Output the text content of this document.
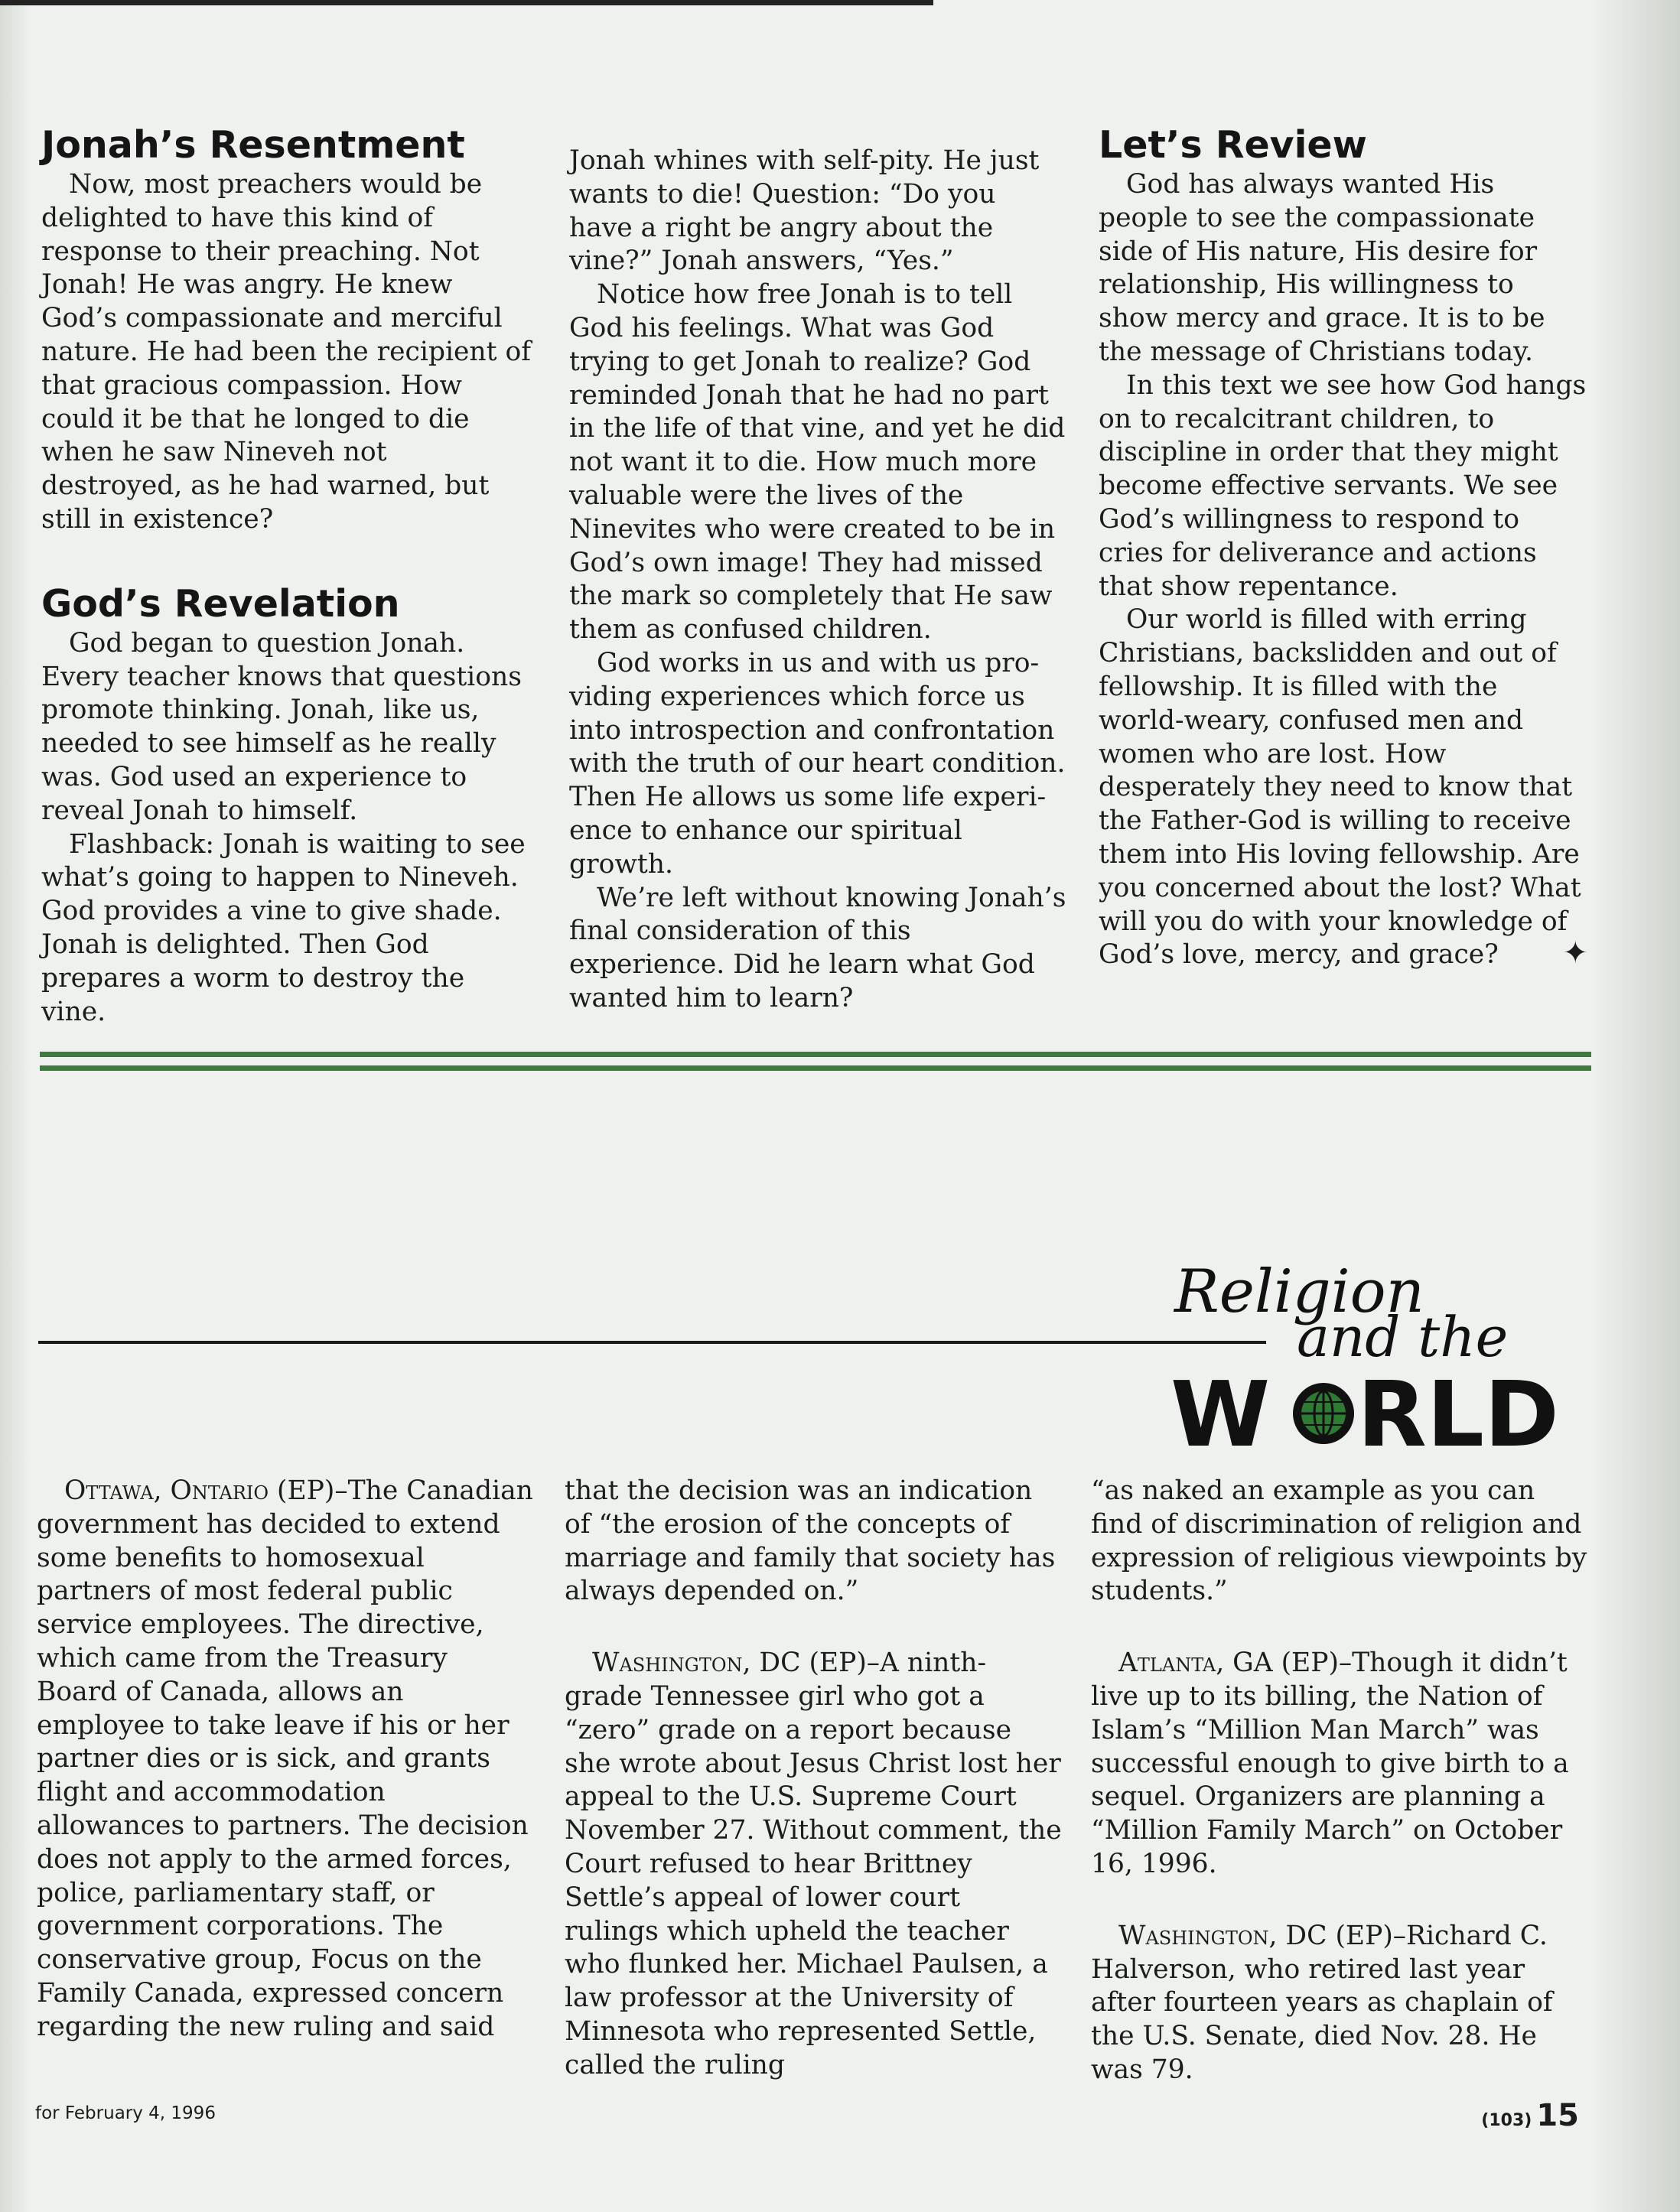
Jonah’s Resentment

Now, most preachers would be delighted to have this kind of response to their preaching. Not Jonah! He was angry. He knew God’s compassionate and merciful nature. He had been the recipient of that gracious compassion. How could it be that he longed to die when he saw Nineveh not destroyed, as he had warned, but still in existence?

God’s Revelation

God began to question Jonah. Every teacher knows that questions promote thinking. Jonah, like us, needed to see himself as he really was. God used an experience to reveal Jonah to himself.

Flashback: Jonah is waiting to see what’s going to happen to Nineveh. God provides a vine to give shade. Jonah is delighted. Then God prepares a worm to destroy the vine.

Jonah whines with self-pity. He just wants to die! Question: “Do you have a right be angry about the vine?” Jonah answers, “Yes.”

Notice how free Jonah is to tell God his feelings. What was God trying to get Jonah to realize? God reminded Jonah that he had no part in the life of that vine, and yet he did not want it to die. How much more valuable were the lives of the Ninevites who were created to be in God’s own image! They had missed the mark so completely that He saw them as confused children.

God works in us and with us pro-viding experiences which force us into introspection and confrontation with the truth of our heart condition. Then He allows us some life experi-ence to enhance our spiritual growth.

We’re left without knowing Jonah’s final consideration of this experience. Did he learn what God wanted him to learn?

Let’s Review

God has always wanted His people to see the compassionate side of His nature, His desire for relationship, His willingness to show mercy and grace. It is to be the message of Christians today.

In this text we see how God hangs on to recalcitrant children, to discipline in order that they might become effective servants. We see God’s willingness to respond to cries for deliverance and actions that show repentance.

Our world is filled with erring Christians, backslidden and out of fellowship. It is filled with the world-weary, confused men and women who are lost. How desperately they need to know that the Father-God is willing to receive them into His loving fellowship. Are you concerned about the lost? What will you do with your knowledge of God’s love, mercy, and grace?	✦
Religion
and the
W RLD

Ottawa, Ontario (EP)–The Canadian government has decided to extend some benefits to homosexual partners of most federal public service employees. The directive, which came from the Treasury Board of Canada, allows an employee to take leave if his or her partner dies or is sick, and grants flight and accommodation allowances to partners. The decision does not apply to the armed forces, police, parliamentary staff, or government corporations. The conservative group, Focus on the Family Canada, expressed concern regarding the new ruling and said

that the decision was an indication of “the erosion of the concepts of marriage and family that society has always depended on.”

Washington, DC (EP)–A ninth-grade Tennessee girl who got a “zero” grade on a report because she wrote about Jesus Christ lost her appeal to the U.S. Supreme Court November 27. Without comment, the Court refused to hear Brittney Settle’s appeal of lower court rulings which upheld the teacher who flunked her. Michael Paulsen, a law professor at the University of Minnesota who represented Settle, called the ruling

“as naked an example as you can find of discrimination of religion and expression of religious viewpoints by students.”

Atlanta, GA (EP)–Though it didn’t live up to its billing, the Nation of Islam’s “Million Man March” was successful enough to give birth to a sequel. Organizers are planning a “Million Family March” on October 16, 1996.

Washington, DC (EP)–Richard C. Halverson, who retired last year after fourteen years as chaplain of the U.S. Senate, died Nov. 28. He was 79.

for February 4, 1996	(103) 15
